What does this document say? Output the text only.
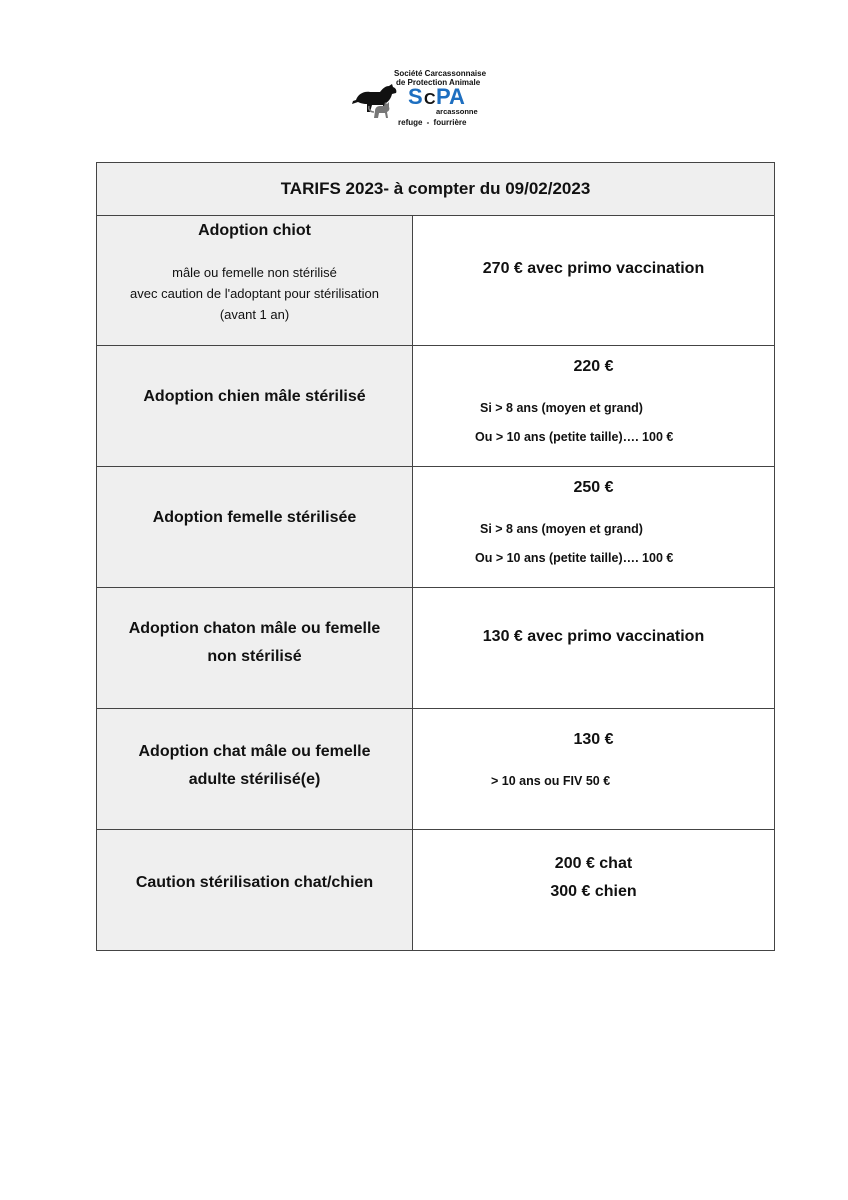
Société Carcassonnaise
de Protection Animale
S C PA
arcassonne
refuge - fourrière
TARIFS 2023- à compter du 09/02/2023
Adoption chiot
mâle ou femelle non stérilisé
avec caution de l'adoptant pour stérilisation
(avant 1 an)
270 € avec primo vaccination
Adoption chien mâle stérilisé
220 €
Si > 8 ans (moyen et grand)
Ou > 10 ans (petite taille)…. 100 €
Adoption femelle stérilisée
250 €
Si > 8 ans (moyen et grand)
Ou > 10 ans (petite taille)…. 100 €
Adoption chaton mâle ou femelle
non stérilisé
130 € avec primo vaccination
Adoption chat mâle ou femelle
adulte stérilisé(e)
130 €
> 10 ans ou FIV 50 €
Caution stérilisation chat/chien
200 € chat
300 € chien
